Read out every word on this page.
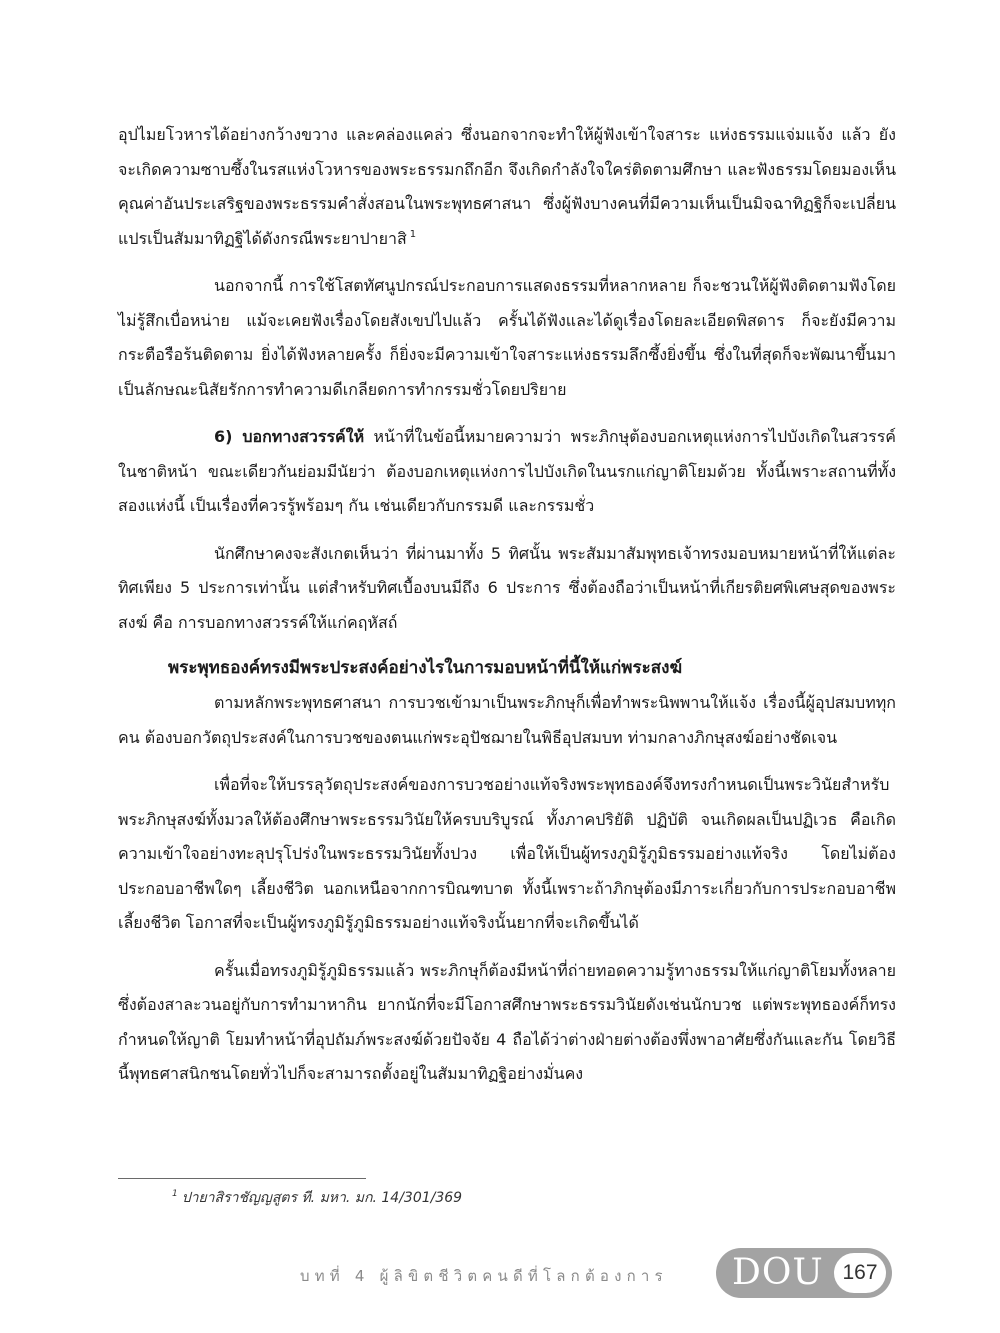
อุปไมยโวหารได้อย่างกว้างขวาง และคล่องแคล่ว ซึ่งนอกจากจะทำให้ผู้ฟังเข้าใจสาระ แห่งธรรมแจ่มแจ้ง แล้ว ยังจะเกิดความซาบซึ้งในรสแห่งโวหารของพระธรรมกถึกอีก จึงเกิดกำลังใจใคร่ติดตามศึกษา และฟังธรรมโดยมองเห็นคุณค่าอันประเสริฐของพระธรรมคำสั่งสอนในพระพุทธศาสนา ซึ่งผู้ฟังบางคนที่มีความเห็นเป็นมิจฉาทิฏฐิก็จะเปลี่ยนแปรเป็นสัมมาทิฏฐิได้ดังกรณีพระยาปายาสิ $^1$

นอกจากนี้ การใช้โสตทัศนูปกรณ์ประกอบการแสดงธรรมที่หลากหลาย ก็จะชวนให้ผู้ฟังติดตามฟังโดยไม่รู้สึกเบื่อหน่าย แม้จะเคยฟังเรื่องโดยสังเขปไปแล้ว ครั้นได้ฟังและได้ดูเรื่องโดยละเอียดพิสดาร ก็จะยังมีความกระตือรือร้นติดตาม ยิ่งได้ฟังหลายครั้ง ก็ยิ่งจะมีความเข้าใจสาระแห่งธรรมลึกซึ้งยิ่งขึ้น ซึ่งในที่สุดก็จะพัฒนาขึ้นมาเป็นลักษณะนิสัยรักการทำความดีเกลียดการทำกรรมชั่วโดยปริยาย

6) บอกทางสวรรค์ให้ หน้าที่ในข้อนี้หมายความว่า พระภิกษุต้องบอกเหตุแห่งการไปบังเกิดในสวรรค์ในชาติหน้า ขณะเดียวกันย่อมมีนัยว่า ต้องบอกเหตุแห่งการไปบังเกิดในนรกแก่ญาติโยมด้วย ทั้งนี้เพราะสถานที่ทั้งสองแห่งนี้ เป็นเรื่องที่ควรรู้พร้อมๆ กัน เช่นเดียวกับกรรมดี และกรรมชั่ว

นักศึกษาคงจะสังเกตเห็นว่า ที่ผ่านมาทั้ง 5 ทิศนั้น พระสัมมาสัมพุทธเจ้าทรงมอบหมายหน้าที่ให้แต่ละทิศเพียง 5 ประการเท่านั้น แต่สำหรับทิศเบื้องบนมีถึง 6 ประการ ซึ่งต้องถือว่าเป็นหน้าที่เกียรติยศพิเศษสุดของพระสงฆ์ คือ การบอกทางสวรรค์ให้แก่คฤหัสถ์

พระพุทธองค์ทรงมีพระประสงค์อย่างไรในการมอบหน้าที่นี้ให้แก่พระสงฆ์

ตามหลักพระพุทธศาสนา การบวชเข้ามาเป็นพระภิกษุก็เพื่อทำพระนิพพานให้แจ้ง เรื่องนี้ผู้อุปสมบททุกคน ต้องบอกวัตถุประสงค์ในการบวชของตนแก่พระอุปัชฌายในพิธีอุปสมบท ท่ามกลางภิกษุสงฆ์อย่างชัดเจน

เพื่อที่จะให้บรรลุวัตถุประสงค์ของการบวชอย่างแท้จริงพระพุทธองค์จึงทรงกำหนดเป็นพระวินัยสำหรับพระภิกษุสงฆ์ทั้งมวลให้ต้องศึกษาพระธรรมวินัยให้ครบบริบูรณ์ ทั้งภาคปริยัติ ปฏิบัติ จนเกิดผลเป็นปฏิเวธ คือเกิดความเข้าใจอย่างทะลุปรุโปร่งในพระธรรมวินัยทั้งปวง เพื่อให้เป็นผู้ทรงภูมิรู้ภูมิธรรมอย่างแท้จริง โดยไม่ต้องประกอบอาชีพใดๆ เลี้ยงชีวิต นอกเหนือจากการบิณฑบาต ทั้งนี้เพราะถ้าภิกษุต้องมีภาระเกี่ยวกับการประกอบอาชีพเลี้ยงชีวิต โอกาสที่จะเป็นผู้ทรงภูมิรู้ภูมิธรรมอย่างแท้จริงนั้นยากที่จะเกิดขึ้นได้

ครั้นเมื่อทรงภูมิรู้ภูมิธรรมแล้ว พระภิกษุก็ต้องมีหน้าที่ถ่ายทอดความรู้ทางธรรมให้แก่ญาติโยมทั้งหลาย ซึ่งต้องสาละวนอยู่กับการทำมาหากิน ยากนักที่จะมีโอกาสศึกษาพระธรรมวินัยดังเช่นนักบวช แต่พระพุทธองค์ก็ทรงกำหนดให้ญาติ โยมทำหน้าที่อุปถัมภ์พระสงฆ์ด้วยปัจจัย 4 ถือได้ว่าต่างฝ่ายต่างต้องพึ่งพาอาศัยซึ่งกันและกัน โดยวิธีนี้พุทธศาสนิกชนโดยทั่วไปก็จะสามารถตั้งอยู่ในสัมมาทิฏฐิอย่างมั่นคง

$^1$ ปายาสิราชัญญสูตร ที. มหา. มก. 14/301/369
บทที่ 4 ผู้ลิขิตชีวิตคนดีที่โลกต้องการ	DOU 167
